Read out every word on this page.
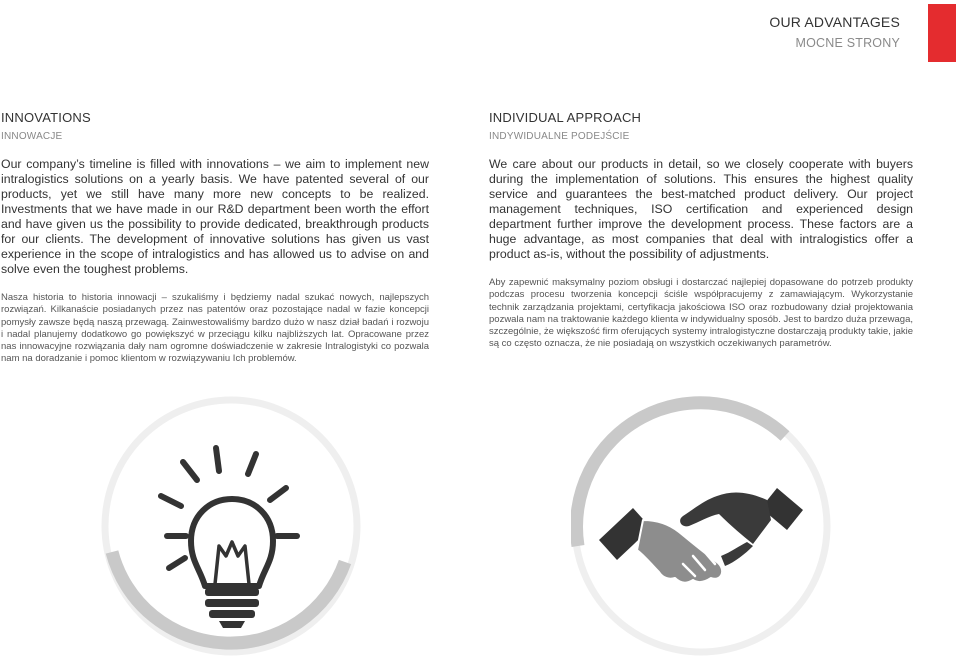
OUR ADVANTAGES
MOCNE STRONY
INNOVATIONS
INNOWACJE
Our company’s timeline is filled with innovations – we aim to implement new intralogistics solutions on a yearly basis. We have patented several of our products, yet we still have many more new concepts to be realized. Investments that we have made in our R&D department been worth the effort and have given us the possibility to provide dedicated, breakthrough products for our clients. The development of innovative solutions has given us vast experience in the scope of intralogistics and has allowed us to advise on and solve even the toughest problems.
Nasza historia to historia innowacji – szukaliśmy i będziemy nadal szukać nowych, najlepszych rozwiązań. Kilkanaście posiadanych przez nas patentów oraz pozostające nadal w fazie koncepcji pomysły zawsze będą naszą przewagą. Zainwestowaliśmy bardzo dużo w nasz dział badań i rozwoju i nadal planujemy dodatkowo go powiększyć w przeciągu kilku najbliższych lat. Opracowane przez nas innowacyjne rozwiązania dały nam ogromne doświadczenie w zakresie Intralogistyki co pozwala nam na doradzanie i pomoc klientom w rozwiązywaniu Ich problemów.
INDIVIDUAL APPROACH
INDYWIDUALNE PODEJŚCIE
We care about our products in detail, so we closely cooperate with buyers during the implementation of solutions. This ensures the highest quality service and guarantees the best-matched product delivery. Our project management techniques, ISO certification and experienced design department further improve the development process. These factors are a huge advantage, as most companies that deal with intralogistics offer a product as-is, without the possibility of adjustments.
Aby zapewnić maksymalny poziom obsługi i dostarczać najlepiej dopasowane do potrzeb produkty podczas procesu tworzenia koncepcji ściśle współpracujemy z zamawiającym. Wykorzystanie technik zarządzania projektami, certyfikacja jakościowa ISO oraz rozbudowany dział projektowania pozwala nam na traktowanie każdego klienta w indywidualny sposób. Jest to bardzo duża przewaga, szczególnie, że większość firm oferujących systemy intralogistyczne dostarczają produkty takie, jakie są co często oznacza, że nie posiadają on wszystkich oczekiwanych parametrów.
